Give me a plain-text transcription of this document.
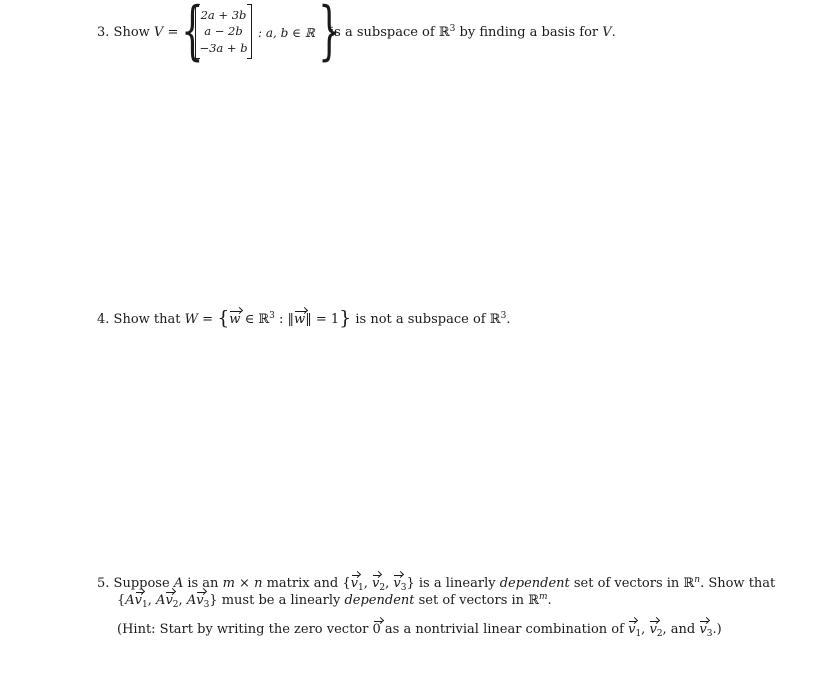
3. Show V = {
2a + 3b
a − 2b
−3a + b
: a, b ∈ ℝ }
is a subspace of ℝ$^3$ by finding a basis for V.
4. Show that W = {w ∈ ℝ$^3$ : ‖w‖ = 1} is not a subspace of ℝ$^3$.
5. Suppose A is an m × n matrix and {$v_1$, $v_2$, $v_3$} is a linearly dependent set of vectors in ℝ$^n$. Show that
{$Av_1$, $Av_2$, $Av_3$} must be a linearly dependent set of vectors in ℝ$^m$.
(Hint: Start by writing the zero vector 0 as a nontrivial linear combination of $v_1$, $v_2$, and $v_3$.)
